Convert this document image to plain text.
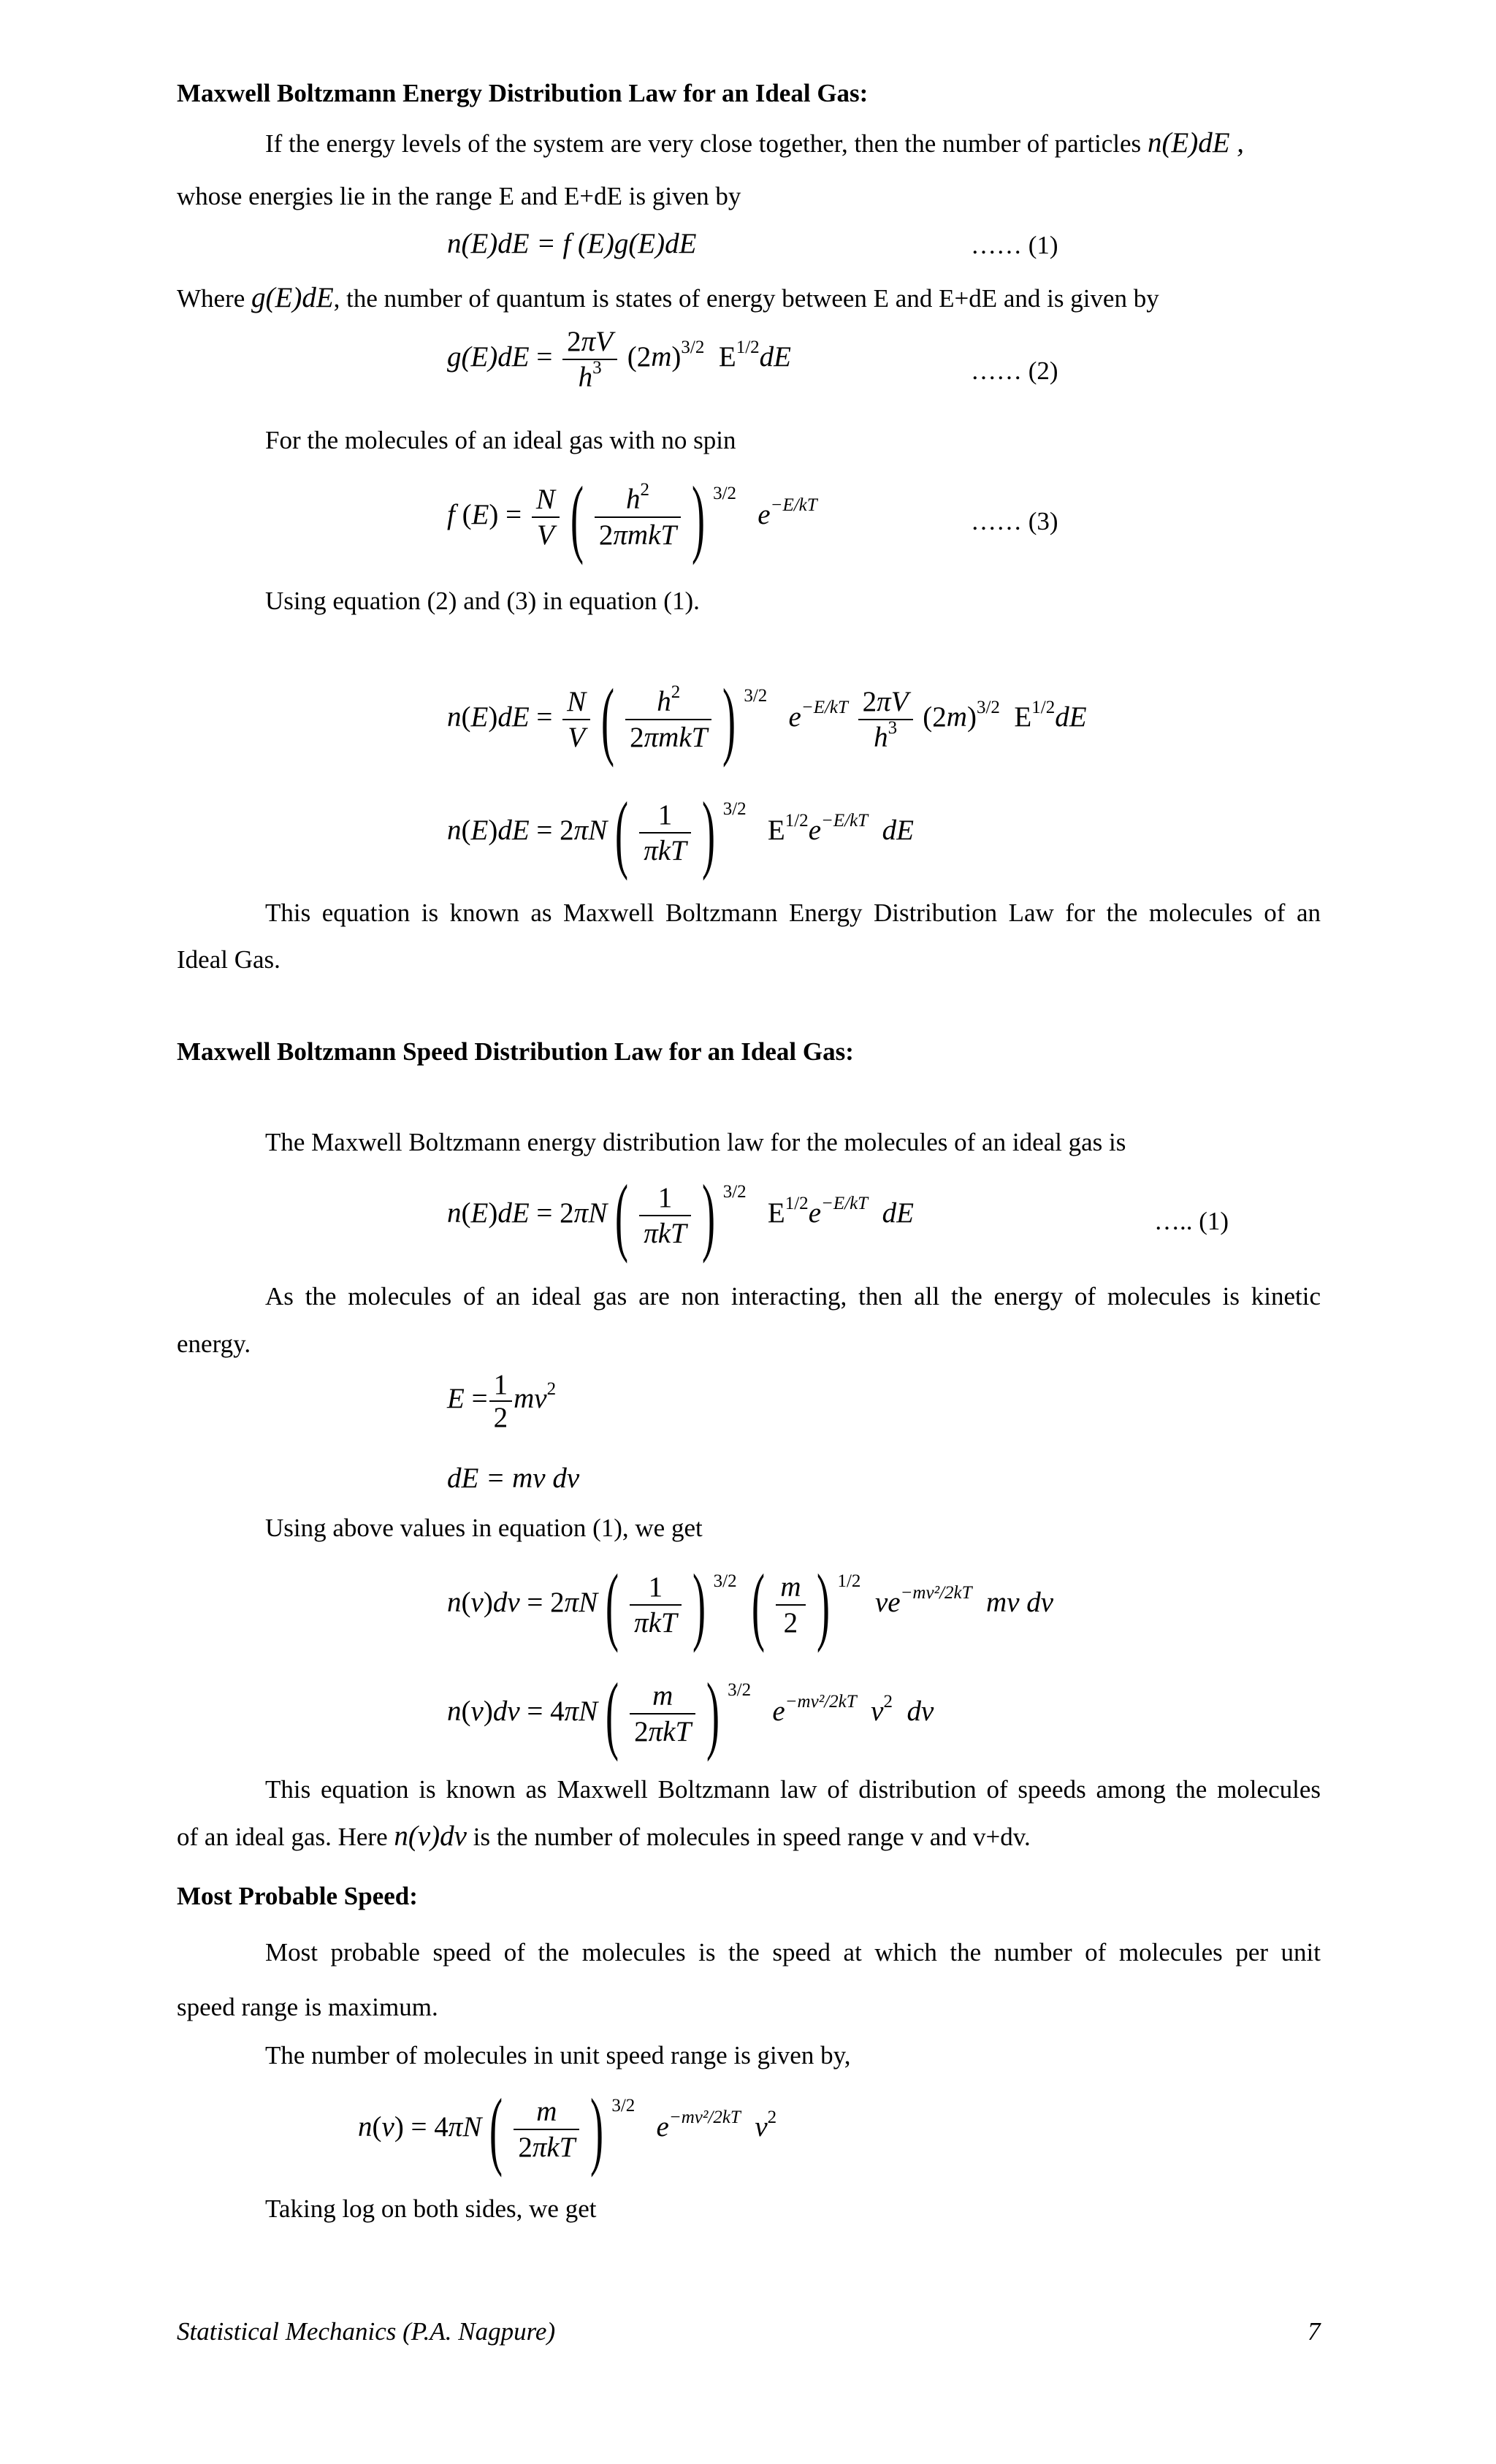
Maxwell Boltzmann Energy Distribution Law for an Ideal Gas:
If the energy levels of the system are very close together, then the number of particles n(E)dE ,
whose energies lie in the range E and E+dE is given by
n(E)dE = f (E)g(E)dE	…… (1)
Where g(E)dE, the number of quantum is states of energy between E and E+dE and is given by
$g(E)dE = \frac{2\pi V}{h^3} (2m)^{3/2}$  $E^{1/2}dE$	…… (2)
For the molecules of an ideal gas with no spin
f $(E) = \frac{N}{V}$ ( $\frac{h^2}{\text{2πmkT}}$ ) $^{3/2}$   $e^{-E/kT}$
…… (3)
Using equation (2) and (3) in equation (1).
$n(E)dE = \frac{N}{V}$ ( $\frac{h^2}{\text{2πmkT}}$ ) $^{3/2}$   $e^{-E/kT} \frac{2\pi V}{h^3} (2m)^{3/2}$  $E^{1/2}dE$
$n(E)dE = 2\pi N( \frac{1}{\text{πkT}}$ ) $^{3/2}$   $E^{1/2}e^{-E/kT}$ dE
This equation is known as Maxwell Boltzmann Energy Distribution Law for the molecules of an
Ideal Gas.
Maxwell Boltzmann Speed Distribution Law for an Ideal Gas:
The Maxwell Boltzmann energy distribution law for the molecules of an ideal gas is
$n(E)dE = 2\pi N( \frac{1}{\text{πkT}}$ ) $^{3/2}$   $E^{1/2}e^{-E/kT}$ dE	….. (1)
As the molecules of an ideal gas are non interacting, then all the energy of molecules is kinetic
energy.
$E = \frac{1}{2} mv^2$
dE = mv dv
Using above values in equation (1), we get
$n(v)dv = 2\pi N( \frac{1}{\text{πkT}}$ ) $^{3/2}$ ( $\frac{m}{2}$ ) $^{1/2}$  $ve^{-mv^2/2kT}$ mv dv
$n(v)dv = 4\pi N( \frac{m}{\text{2πkT}}$ ) $^{3/2}$   $e^{-mv^2/2kT}$ $v^2$ dv
This equation is known as Maxwell Boltzmann law of distribution of speeds among the molecules
of an ideal gas. Here n(v)dv is the number of molecules in speed range v and v+dv.
Most Probable Speed:
Most probable speed of the molecules is the speed at which the number of molecules per unit
speed range is maximum.
The number of molecules in unit speed range is given by,
$n(v) = 4\pi N( \frac{m}{\text{2πkT}}$ ) $^{3/2}$   $e^{-mv^2/2kT}$ $v^2$
Taking log on both sides, we get
Statistical Mechanics (P.A. Nagpure)	7
